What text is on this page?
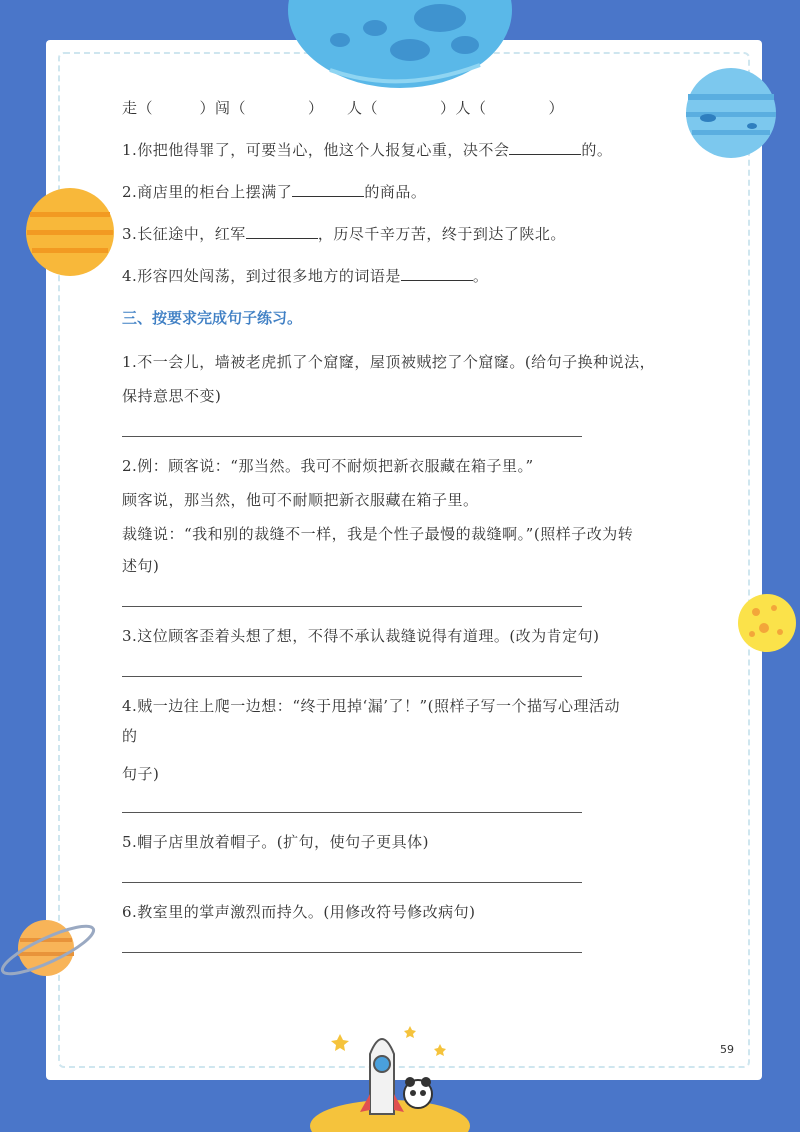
走（　　　）闯（　　　　）　　人（　　　　）人（　　　　）
1.你把他得罪了，可要当心，他这个人报复心重，决不会	的。
2.商店里的柜台上摆满了	的商品。
3.长征途中，红军	，历尽千辛万苦，终于到达了陕北。
4.形容四处闯荡，到过很多地方的词语是	。
三、按要求完成句子练习。
1.不一会儿，墙被老虎抓了个窟窿，屋顶被贼挖了个窟窿。(给句子换种说法，
保持意思不变)
2.例：顾客说：“那当然。我可不耐烦把新衣服藏在箱子里。”
顾客说，那当然，他可不耐顺把新衣服藏在箱子里。
裁缝说：“我和别的裁缝不一样，我是个性子最慢的裁缝啊。”(照样子改为转
述句)
3.这位顾客歪着头想了想，不得不承认裁缝说得有道理。(改为肯定句)
4.贼一边往上爬一边想：“终于甩掉‘漏’了！”(照样子写一个描写心理活动
的
句子)
5.帽子店里放着帽子。(扩句，使句子更具体)
6.教室里的掌声激烈而持久。(用修改符号修改病句)
59
